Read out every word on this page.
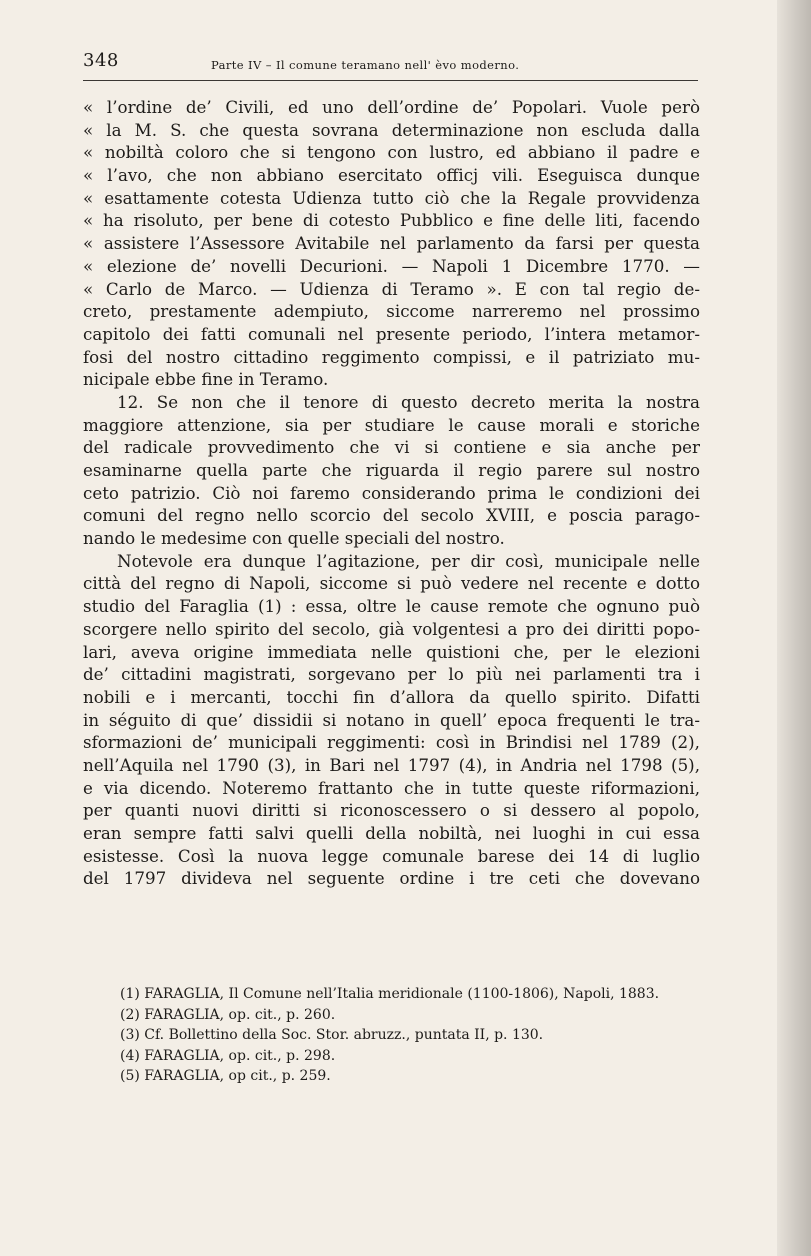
348	Parte IV – Il comune teramano nell' èvo moderno.
« l’ordine de’ Civili, ed uno dell’ordine de’ Popolari. Vuole però
« la M. S. che questa sovrana determinazione non escluda dalla
« nobiltà coloro che si tengono con lustro, ed abbiano il padre e
« l’avo, che non abbiano esercitato officj vili. Eseguisca dunque
« esattamente cotesta Udienza tutto ciò che la Regale provvidenza
« ha risoluto, per bene di cotesto Pubblico e fine delle liti, facendo
« assistere l’Assessore Avitabile nel parlamento da farsi per questa
« elezione de’ novelli Decurioni. — Napoli 1 Dicembre 1770. —
« Carlo de Marco. — Udienza di Teramo ». E con tal regio de-
creto, prestamente adempiuto, siccome narreremo nel prossimo
capitolo dei fatti comunali nel presente periodo, l’intera metamor-
fosi del nostro cittadino reggimento compissi, e il patriziato mu-
nicipale ebbe fine in Teramo.
12. Se non che il tenore di questo decreto merita la nostra
maggiore attenzione, sia per studiare le cause morali e storiche
del radicale provvedimento che vi si contiene e sia anche per
esaminarne quella parte che riguarda il regio parere sul nostro
ceto patrizio. Ciò noi faremo considerando prima le condizioni dei
comuni del regno nello scorcio del secolo XVIII, e poscia parago-
nando le medesime con quelle speciali del nostro.
Notevole era dunque l’agitazione, per dir così, municipale nelle
città del regno di Napoli, siccome si può vedere nel recente e dotto
studio del Faraglia (1) : essa, oltre le cause remote che ognuno può
scorgere nello spirito del secolo, già volgentesi a pro dei diritti popo-
lari, aveva origine immediata nelle quistioni che, per le elezioni
de’ cittadini magistrati, sorgevano per lo più nei parlamenti tra i
nobili e i mercanti, tocchi fin d’allora da quello spirito. Difatti
in séguito di que’ dissidii si notano in quell’ epoca frequenti le tra-
sformazioni de’ municipali reggimenti: così in Brindisi nel 1789 (2),
nell’Aquila nel 1790 (3), in Bari nel 1797 (4), in Andria nel 1798 (5),
e via dicendo. Noteremo frattanto che in tutte queste riformazioni,
per quanti nuovi diritti si riconoscessero o si dessero al popolo,
eran sempre fatti salvi quelli della nobiltà, nei luoghi in cui essa
esistesse. Così la nuova legge comunale barese dei 14 di luglio
del 1797 divideva nel seguente ordine i tre ceti che dovevano
(1) FARAGLIA, Il Comune nell’Italia meridionale (1100-1806), Napoli, 1883.
(2) FARAGLIA, op. cit., p. 260.
(3) Cf. Bollettino della Soc. Stor. abruzz., puntata II, p. 130.
(4) FARAGLIA, op. cit., p. 298.
(5) FARAGLIA, op cit., p. 259.
